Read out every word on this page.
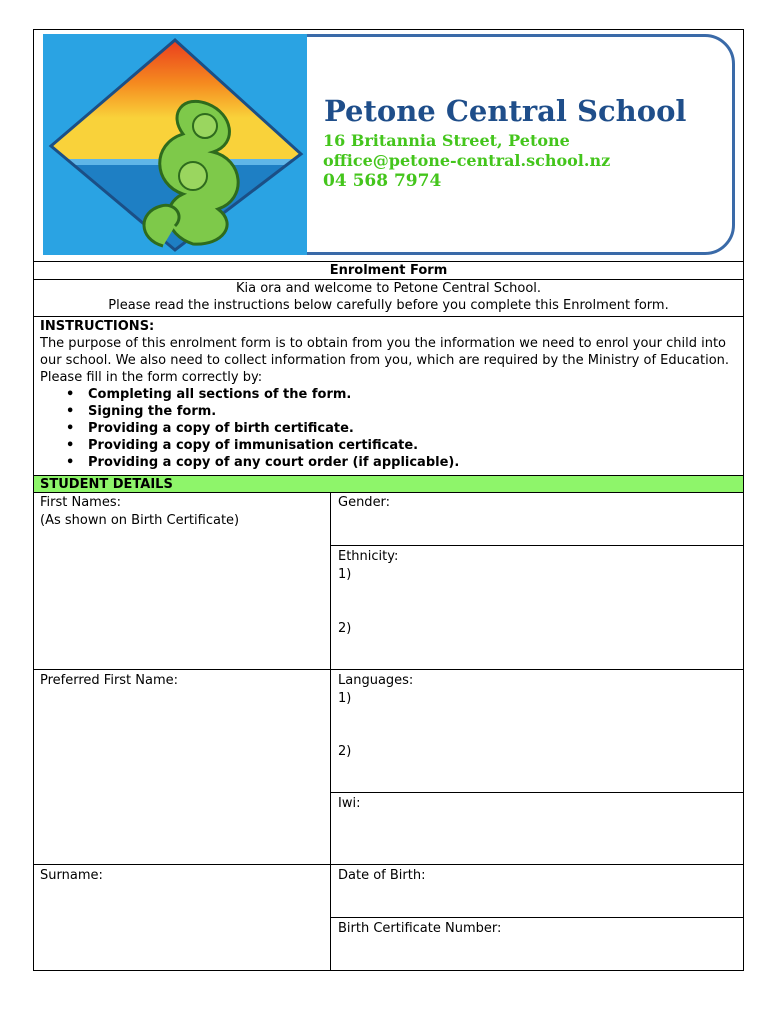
Petone Central School
16 Britannia Street, Petone
office@petone-central.school.nz
04 568 7974
Enrolment Form
Kia ora and welcome to Petone Central School.
Please read the instructions below carefully before you complete this Enrolment form.
INSTRUCTIONS:

The purpose of this enrolment form is to obtain from you the information we need to enrol your child into our school. We also need to collect information from you, which are required by the Ministry of Education. Please fill in the form correctly by:

• Completing all sections of the form.
• Signing the form.
• Providing a copy of birth certificate.
• Providing a copy of immunisation certificate.
• Providing a copy of any court order (if applicable).
STUDENT DETAILS
First Names:
(As shown on Birth Certificate)
Preferred First Name:
Surname:
Gender:
Ethnicity:
1)
2)
Languages:
1)
2)
Iwi:
Date of Birth:
Birth Certificate Number:
